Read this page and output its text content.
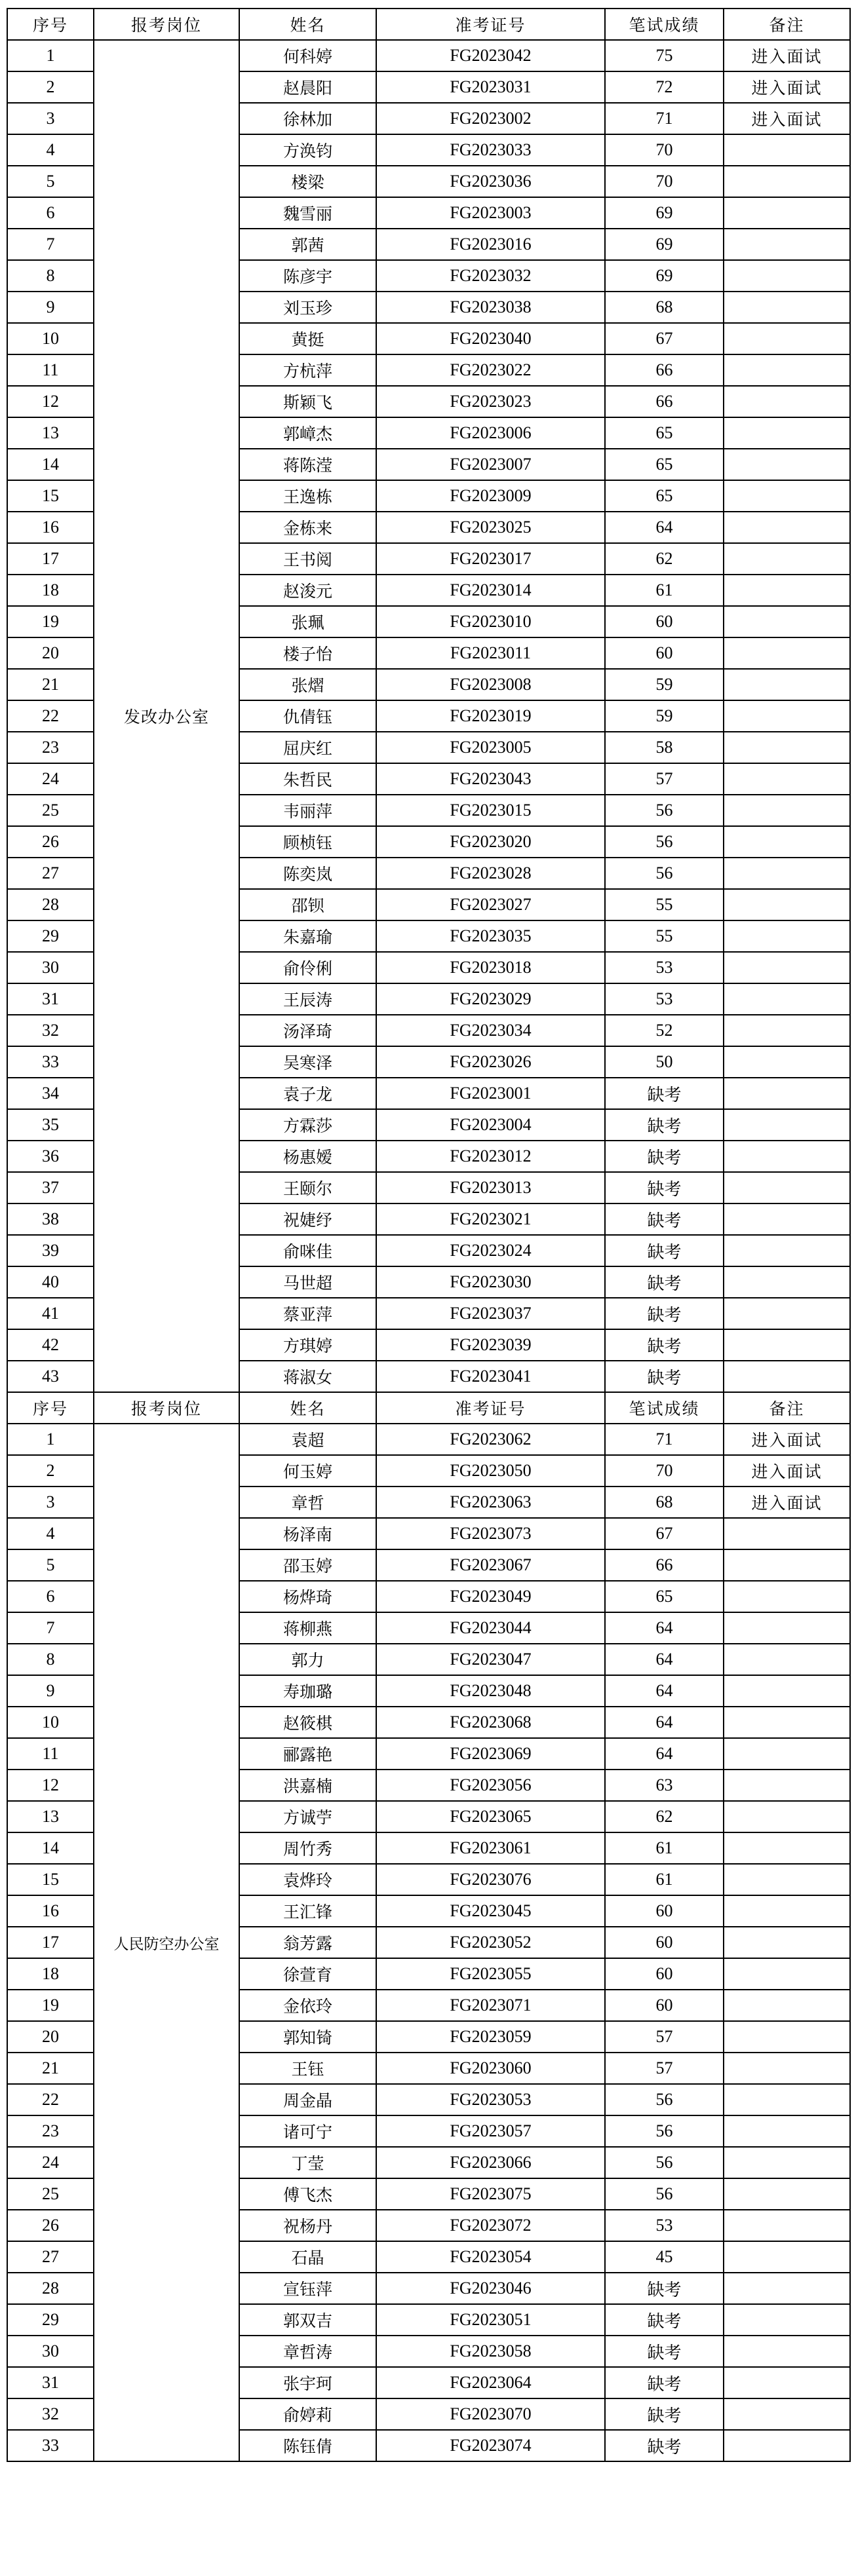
序号	报考岗位	姓名	准考证号	笔试成绩	备注
1	发改办公室	何科婷	FG2023042	75	进入面试
2		赵晨阳	FG2023031	72	进入面试
3		徐林加	FG2023002	71	进入面试
4		方涣钧	FG2023033	70	
5		楼梁	FG2023036	70	
6		魏雪丽	FG2023003	69	
7		郭茜	FG2023016	69	
8		陈彦宇	FG2023032	69	
9		刘玉珍	FG2023038	68	
10		黄挺	FG2023040	67	
11		方杭萍	FG2023022	66	
12		斯颖飞	FG2023023	66	
13		郭嶂杰	FG2023006	65	
14		蒋陈滢	FG2023007	65	
15		王逸栋	FG2023009	65	
16		金栋来	FG2023025	64	
17		王书阅	FG2023017	62	
18		赵浚元	FG2023014	61	
19		张珮	FG2023010	60	
20		楼子怡	FG2023011	60	
21		张熠	FG2023008	59	
22		仇倩钰	FG2023019	59	
23		屈庆红	FG2023005	58	
24		朱哲民	FG2023043	57	
25		韦丽萍	FG2023015	56	
26		顾桢钰	FG2023020	56	
27		陈奕岚	FG2023028	56	
28		邵钡	FG2023027	55	
29		朱嘉瑜	FG2023035	55	
30		俞伶俐	FG2023018	53	
31		王辰涛	FG2023029	53	
32		汤泽琦	FG2023034	52	
33		吴寒泽	FG2023026	50	
34		袁子龙	FG2023001	缺考	
35		方霖莎	FG2023004	缺考	
36		杨惠嫒	FG2023012	缺考	
37		王颐尔	FG2023013	缺考	
38		祝婕纾	FG2023021	缺考	
39		俞咪佳	FG2023024	缺考	
40		马世超	FG2023030	缺考	
41		蔡亚萍	FG2023037	缺考	
42		方琪婷	FG2023039	缺考	
43		蒋淑女	FG2023041	缺考	
序号	报考岗位	姓名	准考证号	笔试成绩	备注
1	人民防空办公室	袁超	FG2023062	71	进入面试
2		何玉婷	FG2023050	70	进入面试
3		章哲	FG2023063	68	进入面试
4		杨泽南	FG2023073	67	
5		邵玉婷	FG2023067	66	
6		杨烨琦	FG2023049	65	
7		蒋柳燕	FG2023044	64	
8		郭力	FG2023047	64	
9		寿珈璐	FG2023048	64	
10		赵筱棋	FG2023068	64	
11		郦露艳	FG2023069	64	
12		洪嘉楠	FG2023056	63	
13		方诚苧	FG2023065	62	
14		周竹秀	FG2023061	61	
15		袁烨玲	FG2023076	61	
16		王汇锋	FG2023045	60	
17		翁芳露	FG2023052	60	
18		徐萱育	FG2023055	60	
19		金依玲	FG2023071	60	
20		郭知锜	FG2023059	57	
21		王钰	FG2023060	57	
22		周金晶	FG2023053	56	
23		诸可宁	FG2023057	56	
24		丁莹	FG2023066	56	
25		傅飞杰	FG2023075	56	
26		祝杨丹	FG2023072	53	
27		石晶	FG2023054	45	
28		宣钰萍	FG2023046	缺考	
29		郭双吉	FG2023051	缺考	
30		章哲涛	FG2023058	缺考	
31		张宇珂	FG2023064	缺考	
32		俞婷莉	FG2023070	缺考	
33		陈钰倩	FG2023074	缺考	
